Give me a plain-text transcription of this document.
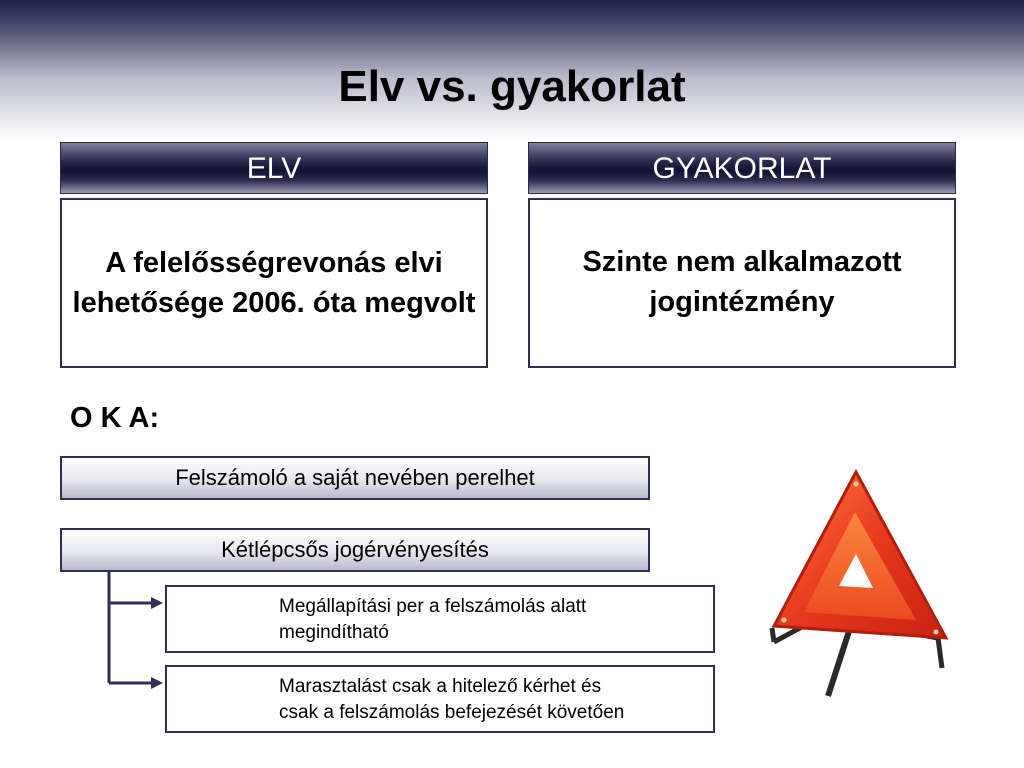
Elv vs. gyakorlat
ELV	GYAKORLAT
A felelősségrevonás elvi lehetősége 2006. óta megvolt
Szinte nem alkalmazott jogintézmény
O K A:
Felszámoló a saját nevében perelhet
Kétlépcsős jogérvényesítés
Megállapítási per a felszámolás alatt
megindítható
Marasztalást csak a hitelező kérhet és
csak a felszámolás befejezését követően
